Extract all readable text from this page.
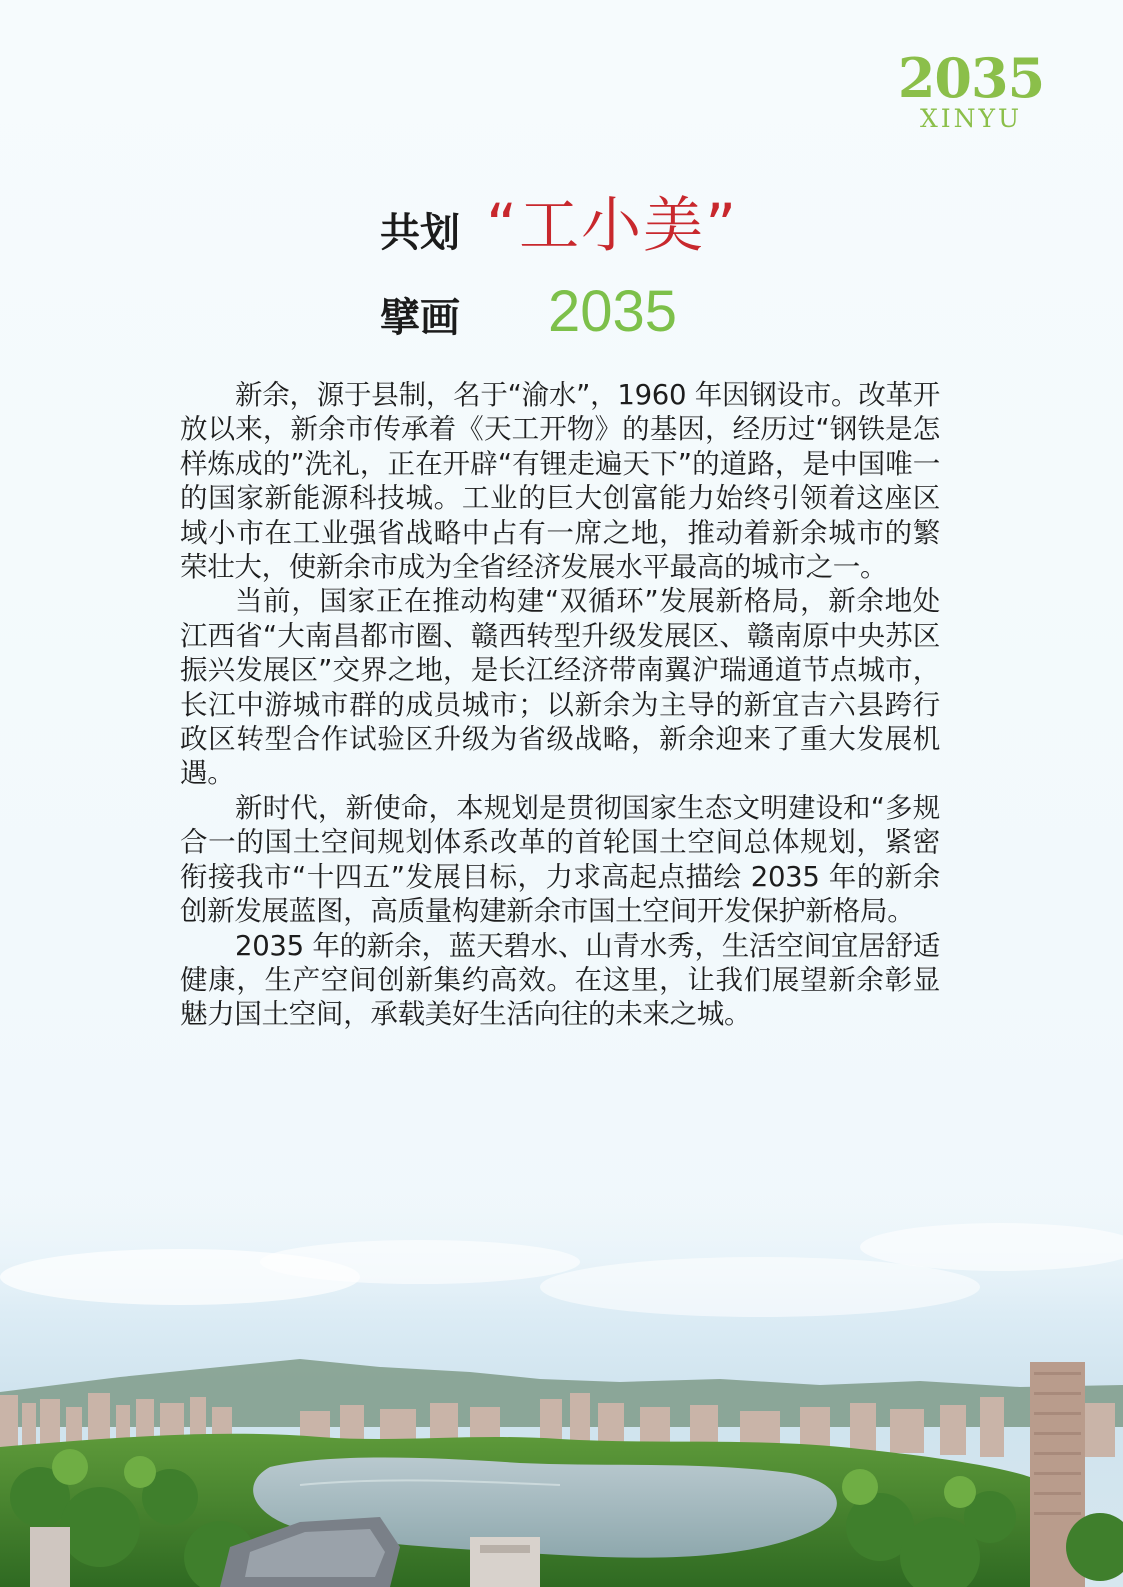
2035
XINYU
共划 “工小美”
擘画 2035

新余，源于县制，名于“渝水”，1960 年因钢设市。改革开放以来，新余市传承着《天工开物》的基因，经历过“钢铁是怎样炼成的”洗礼，正在开辟“有锂走遍天下”的道路，是中国唯一的国家新能源科技城。工业的巨大创富能力始终引领着这座区域小市在工业强省战略中占有一席之地，推动着新余城市的繁荣壮大，使新余市成为全省经济发展水平最高的城市之一。

当前，国家正在推动构建“双循环”发展新格局，新余地处江西省“大南昌都市圈、赣西转型升级发展区、赣南原中央苏区振兴发展区”交界之地，是长江经济带南翼沪瑞通道节点城市，长江中游城市群的成员城市；以新余为主导的新宜吉六县跨行政区转型合作试验区升级为省级战略，新余迎来了重大发展机遇。

新时代，新使命，本规划是贯彻国家生态文明建设和“多规合一的国土空间规划体系改革的首轮国土空间总体规划，紧密衔接我市“十四五”发展目标，力求高起点描绘 2035 年的新余创新发展蓝图，高质量构建新余市国土空间开发保护新格局。

2035 年的新余，蓝天碧水、山青水秀，生活空间宜居舒适健康，生产空间创新集约高效。在这里，让我们展望新余彰显魅力国土空间，承载美好生活向往的未来之城。
